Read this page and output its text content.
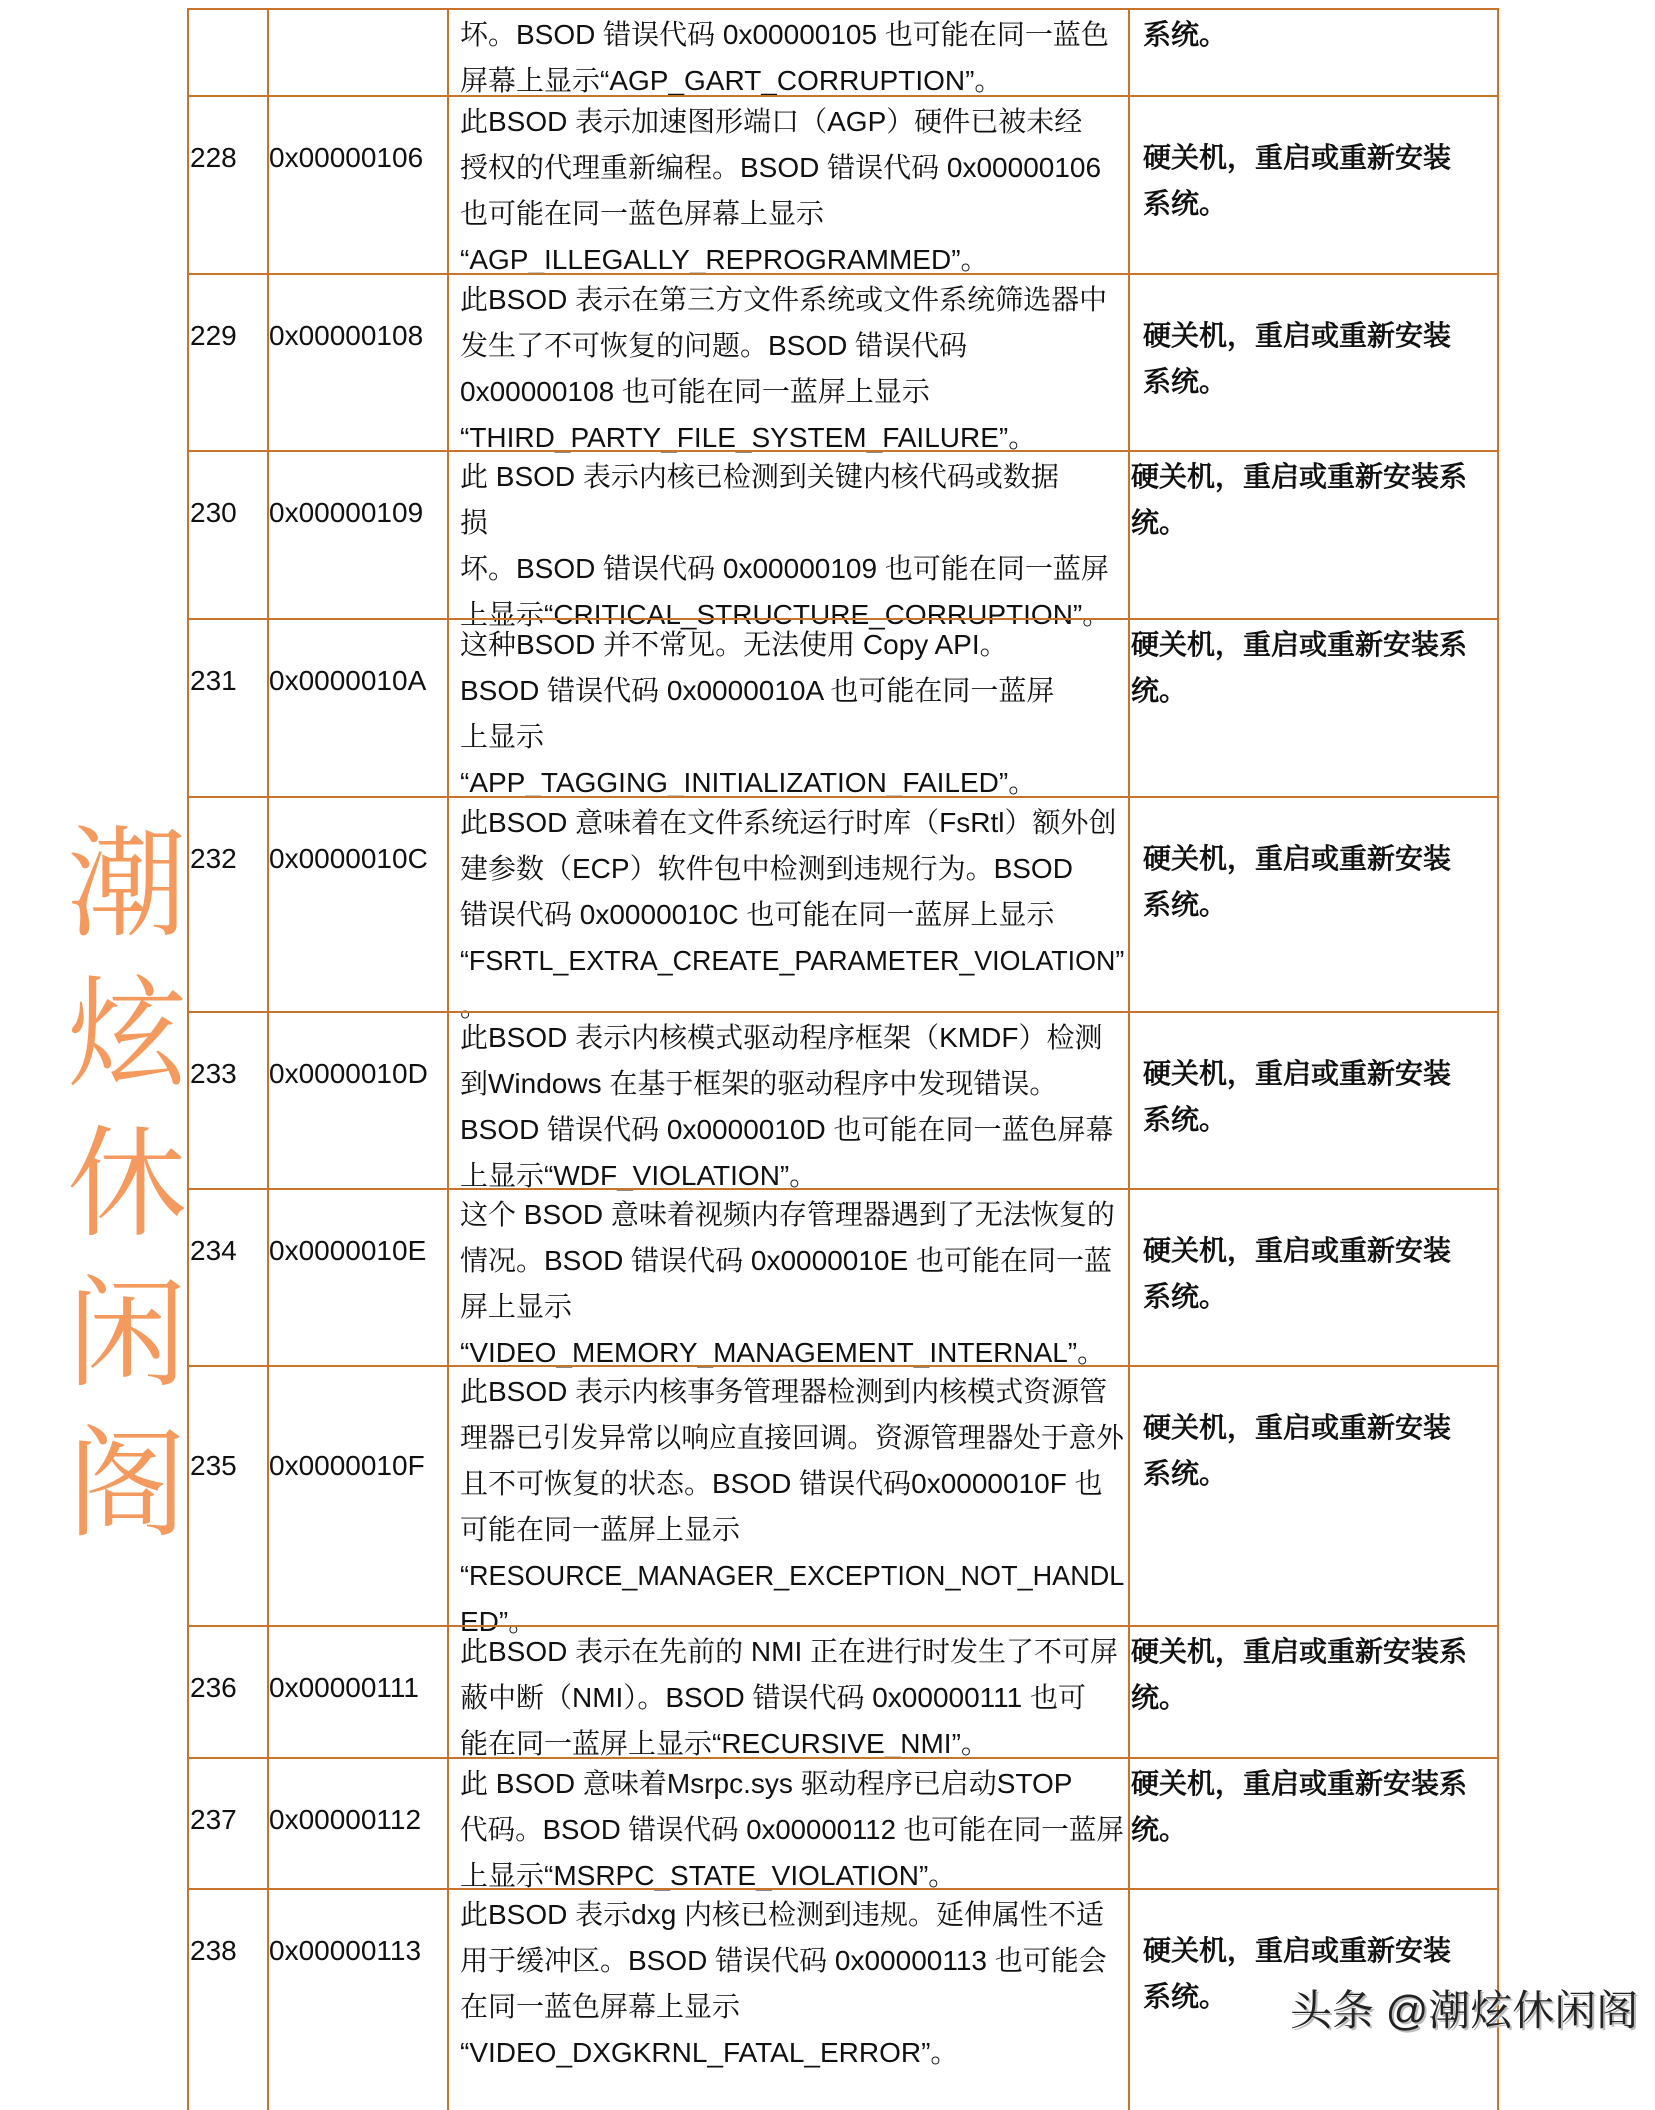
坏。BSOD 错误代码 0x00000105 也可能在同一蓝色
屏幕上显示“AGP_GART_CORRUPTION”。
系统。
228 0x00000106
此BSOD 表示加速图形端口（AGP）硬件已被未经
授权的代理重新编程。BSOD 错误代码 0x00000106
也可能在同一蓝色屏幕上显示
“AGP_ILLEGALLY_REPROGRAMMED”。
硬关机，重启或重新安装
系统。
229 0x00000108
此BSOD 表示在第三方文件系统或文件系统筛选器中
发生了不可恢复的问题。BSOD 错误代码
0x00000108 也可能在同一蓝屏上显示
“THIRD_PARTY_FILE_SYSTEM_FAILURE”。
硬关机，重启或重新安装
系统。
230 0x00000109
此 BSOD 表示内核已检测到关键内核代码或数据
损
坏。BSOD 错误代码 0x00000109 也可能在同一蓝屏
上显示“CRITICAL_STRUCTURE_CORRUPTION”。
硬关机，重启或重新安装系
统。
231 0x0000010A
这种BSOD 并不常见。无法使用 Copy API。
BSOD 错误代码 0x0000010A 也可能在同一蓝屏
上显示
“APP_TAGGING_INITIALIZATION_FAILED”。
硬关机，重启或重新安装系
统。
232 0x0000010C
此BSOD 意味着在文件系统运行时库（FsRtl）额外创
建参数（ECP）软件包中检测到违规行为。BSOD
错误代码 0x0000010C 也可能在同一蓝屏上显示
“FSRTL_EXTRA_CREATE_PARAMETER_VIOLATION”
。
硬关机，重启或重新安装
系统。
233 0x0000010D
此BSOD 表示内核模式驱动程序框架（KMDF）检测
到Windows 在基于框架的驱动程序中发现错误。
BSOD 错误代码 0x0000010D 也可能在同一蓝色屏幕
上显示“WDF_VIOLATION”。
硬关机，重启或重新安装
系统。
234 0x0000010E
这个 BSOD 意味着视频内存管理器遇到了无法恢复的
情况。BSOD 错误代码 0x0000010E 也可能在同一蓝
屏上显示
“VIDEO_MEMORY_MANAGEMENT_INTERNAL”。
硬关机，重启或重新安装
系统。
235 0x0000010F
此BSOD 表示内核事务管理器检测到内核模式资源管
理器已引发异常以响应直接回调。资源管理器处于意外
且不可恢复的状态。BSOD 错误代码0x0000010F 也
可能在同一蓝屏上显示
“RESOURCE_MANAGER_EXCEPTION_NOT_HANDL
ED”。
硬关机，重启或重新安装
系统。
236 0x00000111
此BSOD 表示在先前的 NMI 正在进行时发生了不可屏
蔽中断（NMI）。BSOD 错误代码 0x00000111 也可
能在同一蓝屏上显示“RECURSIVE_NMI”。
硬关机，重启或重新安装系
统。
237 0x00000112
此 BSOD 意味着Msrpc.sys 驱动程序已启动STOP
代码。BSOD 错误代码 0x00000112 也可能在同一蓝屏
上显示“MSRPC_STATE_VIOLATION”。
硬关机，重启或重新安装系
统。
238 0x00000113
此BSOD 表示dxg 内核已检测到违规。延伸属性不适
用于缓冲区。BSOD 错误代码 0x00000113 也可能会
在同一蓝色屏幕上显示
“VIDEO_DXGKRNL_FATAL_ERROR”。
硬关机，重启或重新安装
系统。
潮炫休闲阁
头条 @潮炫休闲阁
